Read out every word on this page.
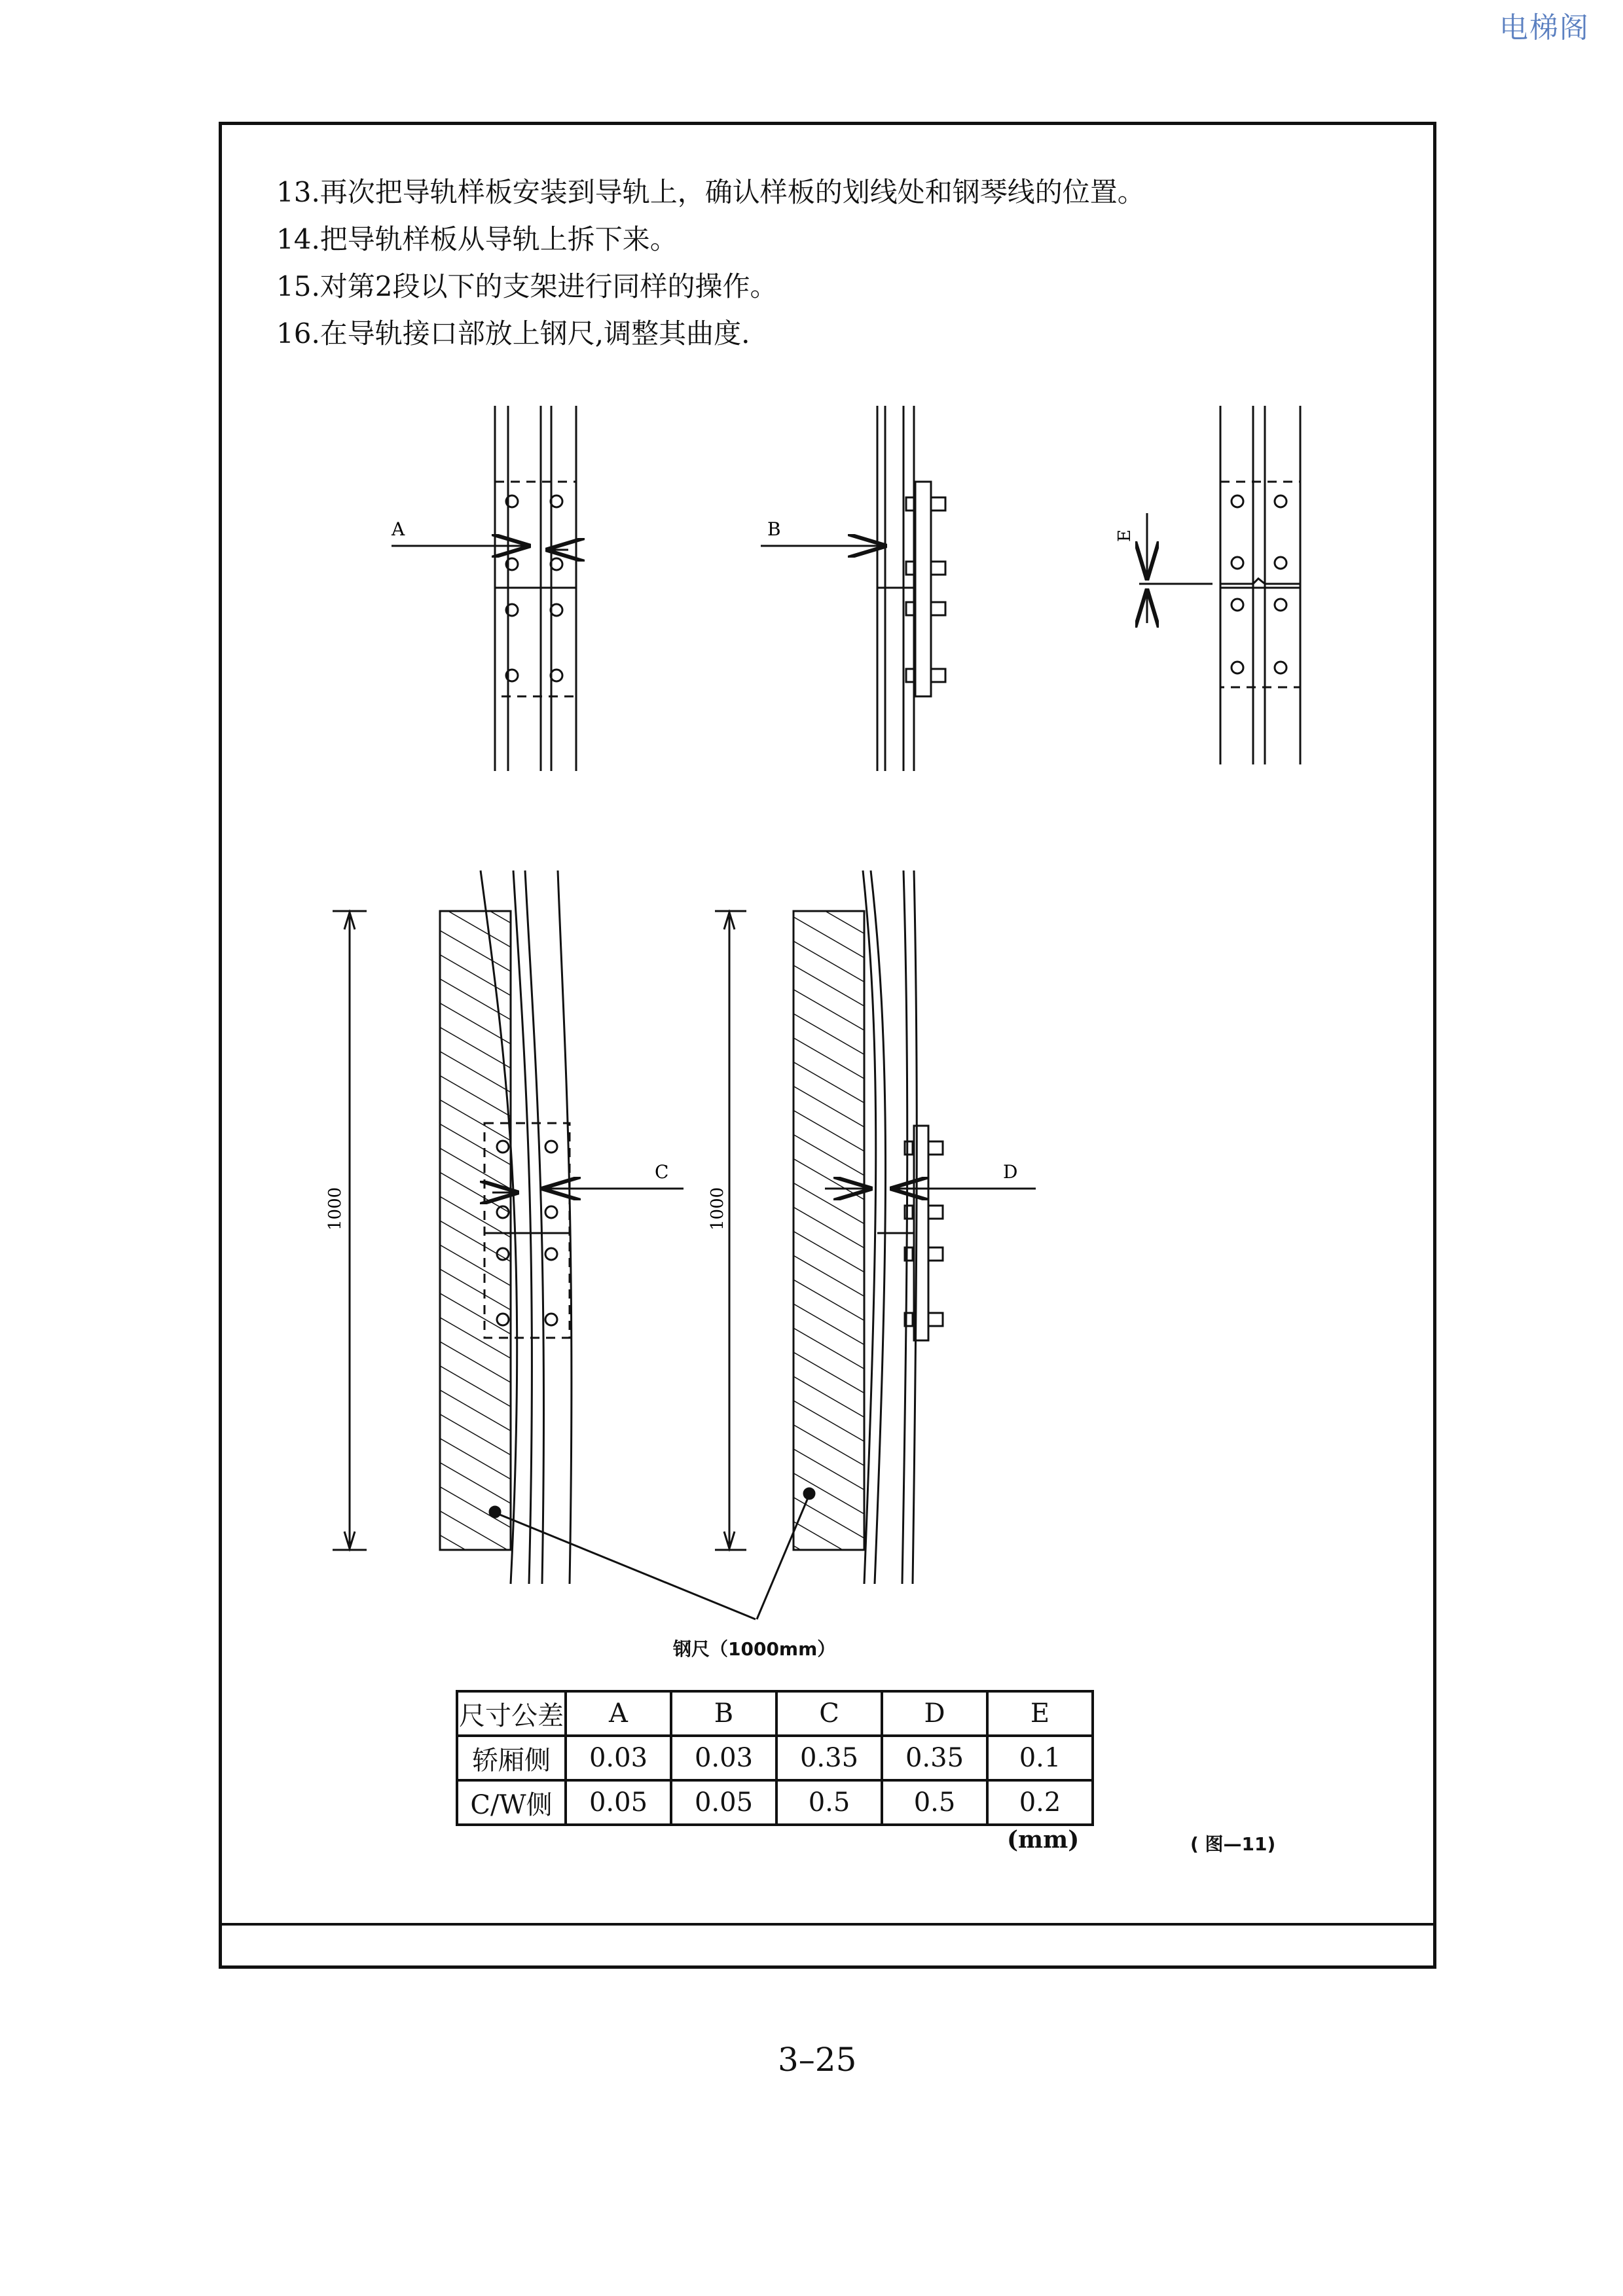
电梯阁
13.再次把导轨样板安装到导轨上，确认样板的划线处和钢琴线的位置。
14.把导轨样板从导轨上拆下来。
15.对第2段以下的支架进行同样的操作。
16.在导轨接口部放上钢尺,调整其曲度.
A	B	E
C
1000
D
1000
钢尺（1000mm）
尺寸公差	A	B	C	D	E
轿厢侧	0.03	0.03	0.35	0.35	0.1
C/W侧	0.05	0.05	0.5	0.5	0.2
(mm)	( 图—11)
3–25
